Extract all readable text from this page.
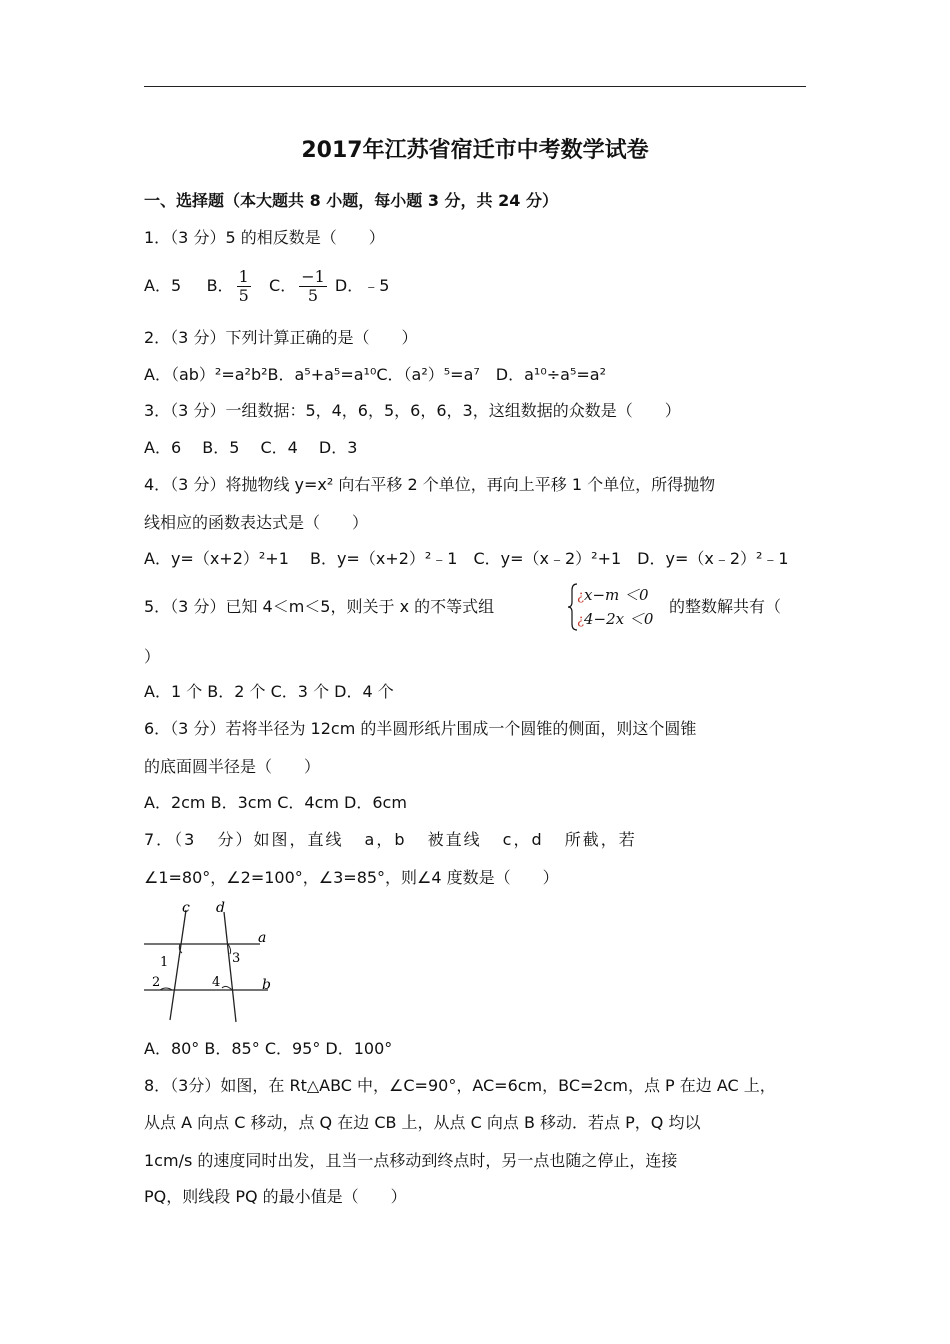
2017年江苏省宿迁市中考数学试卷
一、选择题（本大题共 8 小题，每小题 3 分，共 24 分）
1．（3 分）5 的相反数是（　　）
A．5 B． $\frac{1}{5}$ C． $\frac{-1}{5}$ D．﹣5
2．（3 分）下列计算正确的是（　　）
A．（ab）²=a²b²B．a⁵+a⁵=a¹⁰C．（a²）⁵=a⁷　D．a¹⁰÷a⁵=a²
3．（3 分）一组数据：5，4，6，5，6，6，3，这组数据的众数是（　　）
A．6　 B．5　 C．4　 D．3
4．（3 分）将抛物线 y=x² 向右平移 2 个单位，再向上平移 1 个单位，所得抛物
线相应的函数表达式是（　　）
A．y=（x+2）²+1　 B．y=（x+2）²﹣1　C．y=（x﹣2）²+1　D．y=（x﹣2）²﹣1
5．（3 分）已知 4＜m＜5，则关于 x 的不等式组
¿x−m ＜0
¿4−2x ＜0
的整数解共有（
）
A．1 个 B．2 个 C．3 个 D．4 个
6．（3 分）若将半径为 12cm 的半圆形纸片围成一个圆锥的侧面，则这个圆锥
的底面圆半径是（　　）
A．2cm B．3cm C．4cm D．6cm
7．（3 分）如图，直线 a，b 被直线 c，d 所截，若
∠1=80°，∠2=100°，∠3=85°，则∠4 度数是（　　）
c d
a
b
1
2
3
4
A．80° B．85° C．95° D．100°
8．（3分）如图，在 Rt△ABC 中，∠C=90°，AC=6cm，BC=2cm，点 P 在边 AC 上，
从点 A 向点 C 移动，点 Q 在边 CB 上，从点 C 向点 B 移动．若点 P，Q 均以
1cm/s 的速度同时出发，且当一点移动到终点时，另一点也随之停止，连接
PQ，则线段 PQ 的最小值是（　　）
